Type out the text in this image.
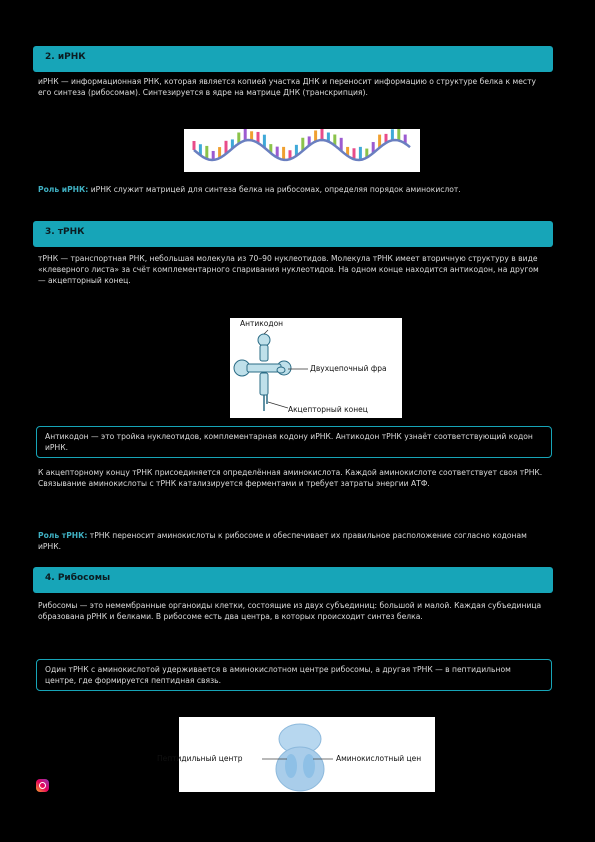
2. иРНК
иРНК — информационная РНК, которая является копией участка ДНК и переносит информацию о структуре белка к месту его синтеза (рибосомам). Синтезируется в ядре на матрице ДНК (транскрипция).
Роль иРНК: иРНК служит матрицей для синтеза белка на рибосомах, определяя порядок аминокислот.
3. тРНК
тРНК — транспортная РНК, небольшая молекула из 70–90 нуклеотидов. Молекула тРНК имеет вторичную структуру в виде «клеверного листа» за счёт комплементарного спаривания нуклеотидов. На одном конце находится антикодон, на другом — акцепторный конец.
Антикодон
Двухцепочный фра
Акцепторный конец
Антикодон — это тройка нуклеотидов, комплементарная кодону иРНК. Антикодон тРНК узнаёт соответствующий кодон иРНК.
К акцепторному концу тРНК присоединяется определённая аминокислота. Каждой аминокислоте соответствует своя тРНК. Связывание аминокислоты с тРНК катализируется ферментами и требует затраты энергии АТФ.
Роль тРНК: тРНК переносит аминокислоты к рибосоме и обеспечивает их правильное расположение согласно кодонам иРНК.
4. Рибосомы
Рибосомы — это немембранные органоиды клетки, состоящие из двух субъединиц: большой и малой. Каждая субъединица образована рРНК и белками. В рибосоме есть два центра, в которых происходит синтез белка.
Один тРНК с аминокислотой удерживается в аминокислотном центре рибосомы, а другая тРНК — в пептидильном центре, где формируется пептидная связь.
Пептидильный центр	Аминокислотный цен
